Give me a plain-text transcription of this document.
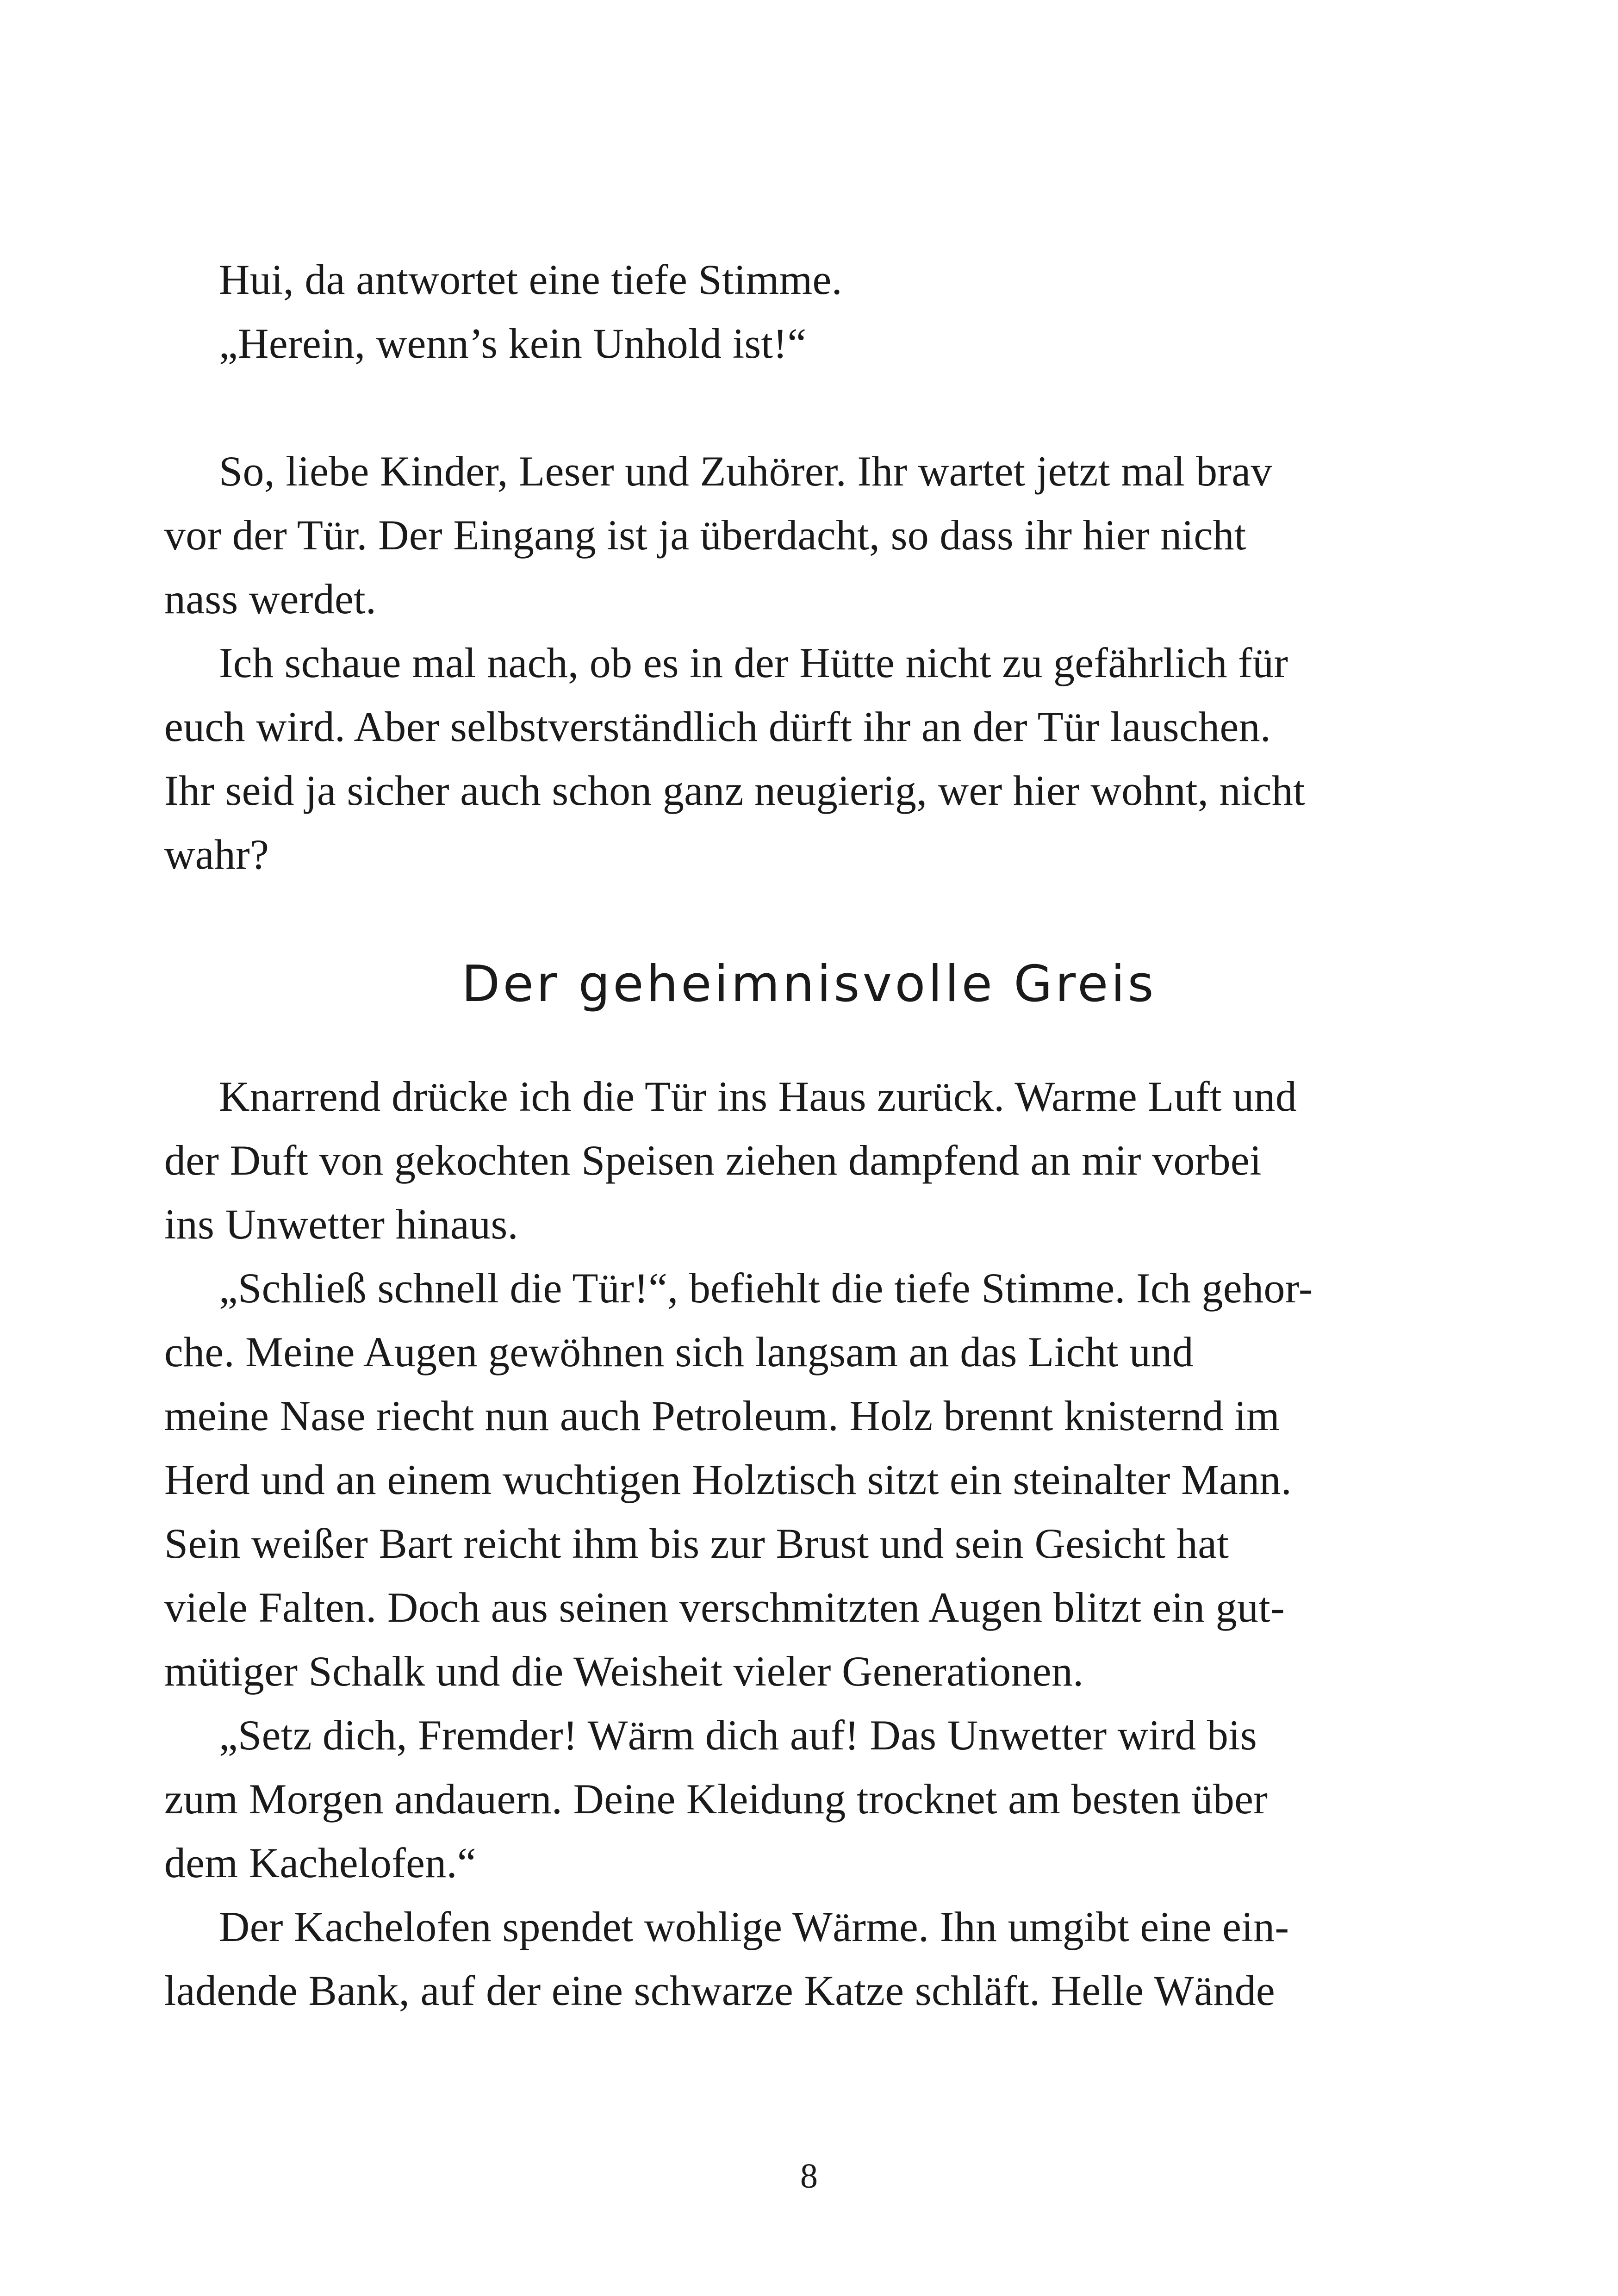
Hui, da antwortet eine tiefe Stimme.

„Herein, wenn’s kein Unhold ist!“

So, liebe Kinder, Leser und Zuhörer. Ihr wartet jetzt mal brav
vor der Tür. Der Eingang ist ja überdacht, so dass ihr hier nicht
nass werdet.

Ich schaue mal nach, ob es in der Hütte nicht zu gefährlich für
euch wird. Aber selbstverständlich dürft ihr an der Tür lauschen.
Ihr seid ja sicher auch schon ganz neugierig, wer hier wohnt, nicht
wahr?

Der geheimnisvolle Greis

Knarrend drücke ich die Tür ins Haus zurück. Warme Luft und
der Duft von gekochten Speisen ziehen dampfend an mir vorbei
ins Unwetter hinaus.

„Schließ schnell die Tür!“, befiehlt die tiefe Stimme. Ich gehor-
che. Meine Augen gewöhnen sich langsam an das Licht und
meine Nase riecht nun auch Petroleum. Holz brennt knisternd im
Herd und an einem wuchtigen Holztisch sitzt ein steinalter Mann.
Sein weißer Bart reicht ihm bis zur Brust und sein Gesicht hat
viele Falten. Doch aus seinen verschmitzten Augen blitzt ein gut-
mütiger Schalk und die Weisheit vieler Generationen.

„Setz dich, Fremder! Wärm dich auf! Das Unwetter wird bis
zum Morgen andauern. Deine Kleidung trocknet am besten über
dem Kachelofen.“

Der Kachelofen spendet wohlige Wärme. Ihn umgibt eine ein-
ladende Bank, auf der eine schwarze Katze schläft. Helle Wände

8
